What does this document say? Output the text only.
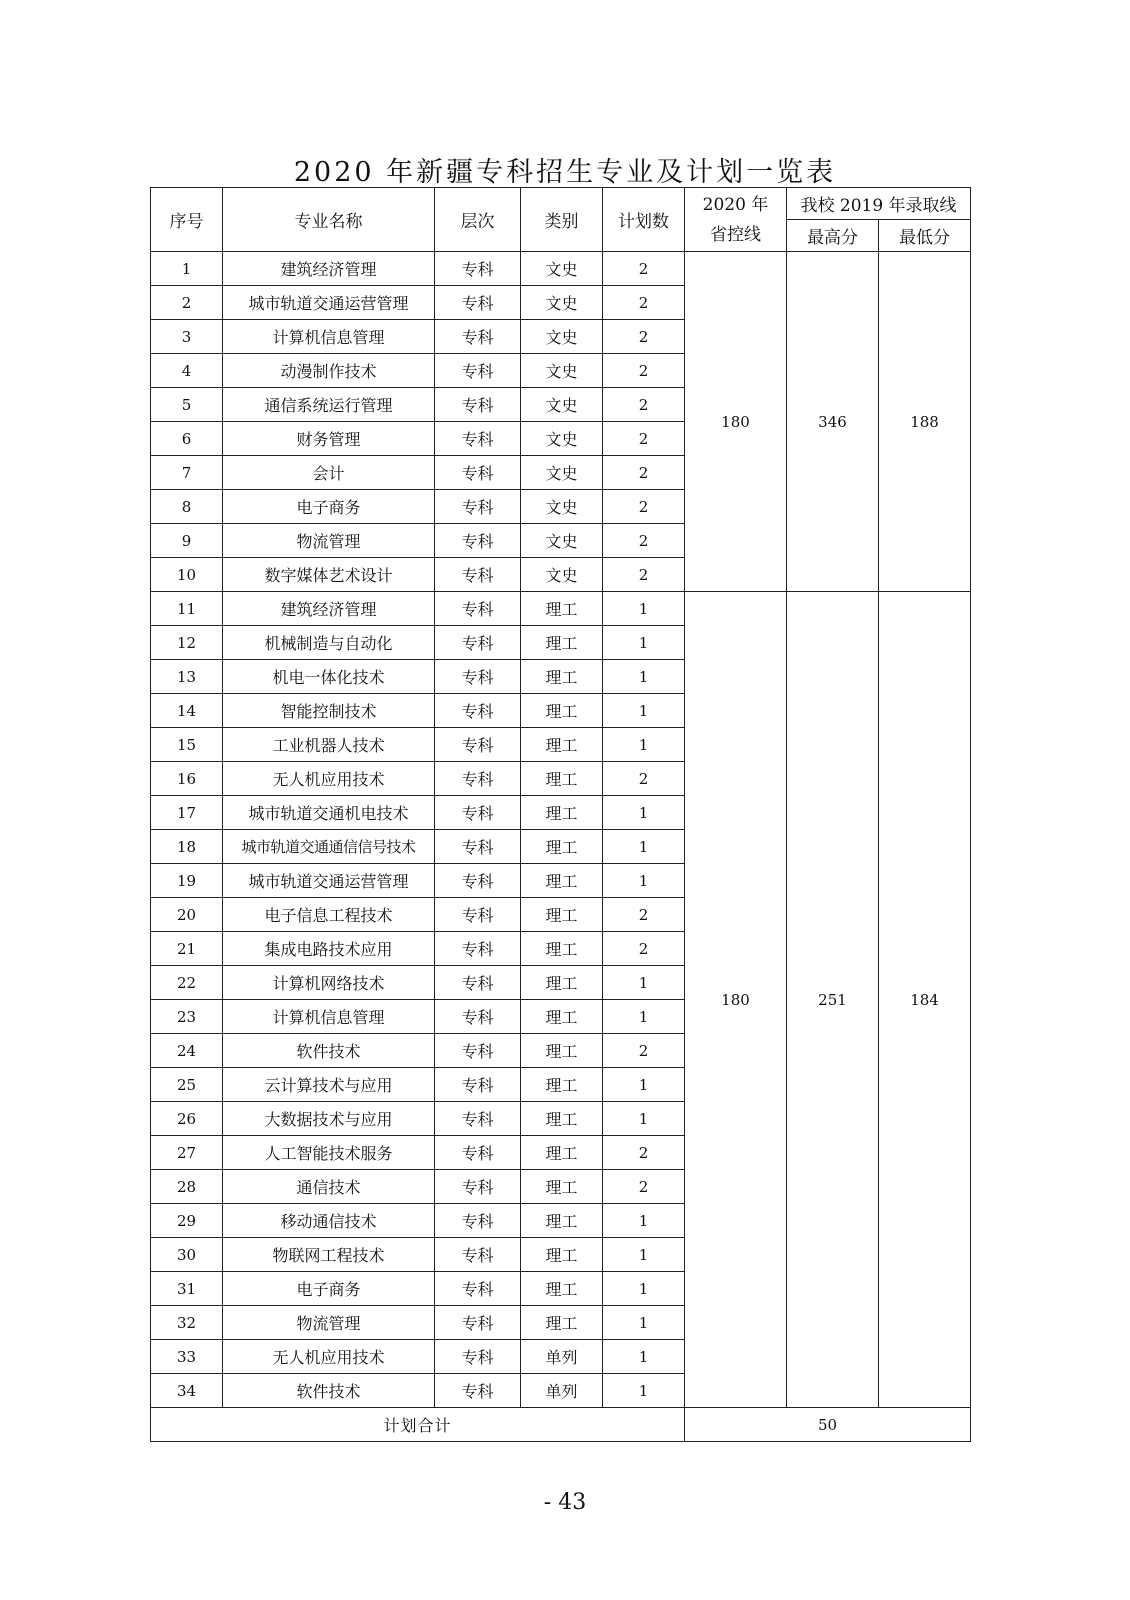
2020 年新疆专科招生专业及计划一览表
序号	专业名称	层次	类别	计划数	2020 年
省控线	我校 2019 年录取线	
						最高分	最低分
1	建筑经济管理	专科	文史	2	180	346	188
2	城市轨道交通运营管理	专科	文史	2			
3	计算机信息管理	专科	文史	2			
4	动漫制作技术	专科	文史	2			
5	通信系统运行管理	专科	文史	2			
6	财务管理	专科	文史	2			
7	会计	专科	文史	2			
8	电子商务	专科	文史	2			
9	物流管理	专科	文史	2			
10	数字媒体艺术设计	专科	文史	2			
11	建筑经济管理	专科	理工	1	180	251	184
12	机械制造与自动化	专科	理工	1			
13	机电一体化技术	专科	理工	1			
14	智能控制技术	专科	理工	1			
15	工业机器人技术	专科	理工	1			
16	无人机应用技术	专科	理工	2			
17	城市轨道交通机电技术	专科	理工	1			
18	城市轨道交通通信信号技术	专科	理工	1			
19	城市轨道交通运营管理	专科	理工	1			
20	电子信息工程技术	专科	理工	2			
21	集成电路技术应用	专科	理工	2			
22	计算机网络技术	专科	理工	1			
23	计算机信息管理	专科	理工	1			
24	软件技术	专科	理工	2			
25	云计算技术与应用	专科	理工	1			
26	大数据技术与应用	专科	理工	1			
27	人工智能技术服务	专科	理工	2			
28	通信技术	专科	理工	2			
29	移动通信技术	专科	理工	1			
30	物联网工程技术	专科	理工	1			
31	电子商务	专科	理工	1			
32	物流管理	专科	理工	1			
33	无人机应用技术	专科	单列	1			
34	软件技术	专科	单列	1			
计划合计					50		
- 43
